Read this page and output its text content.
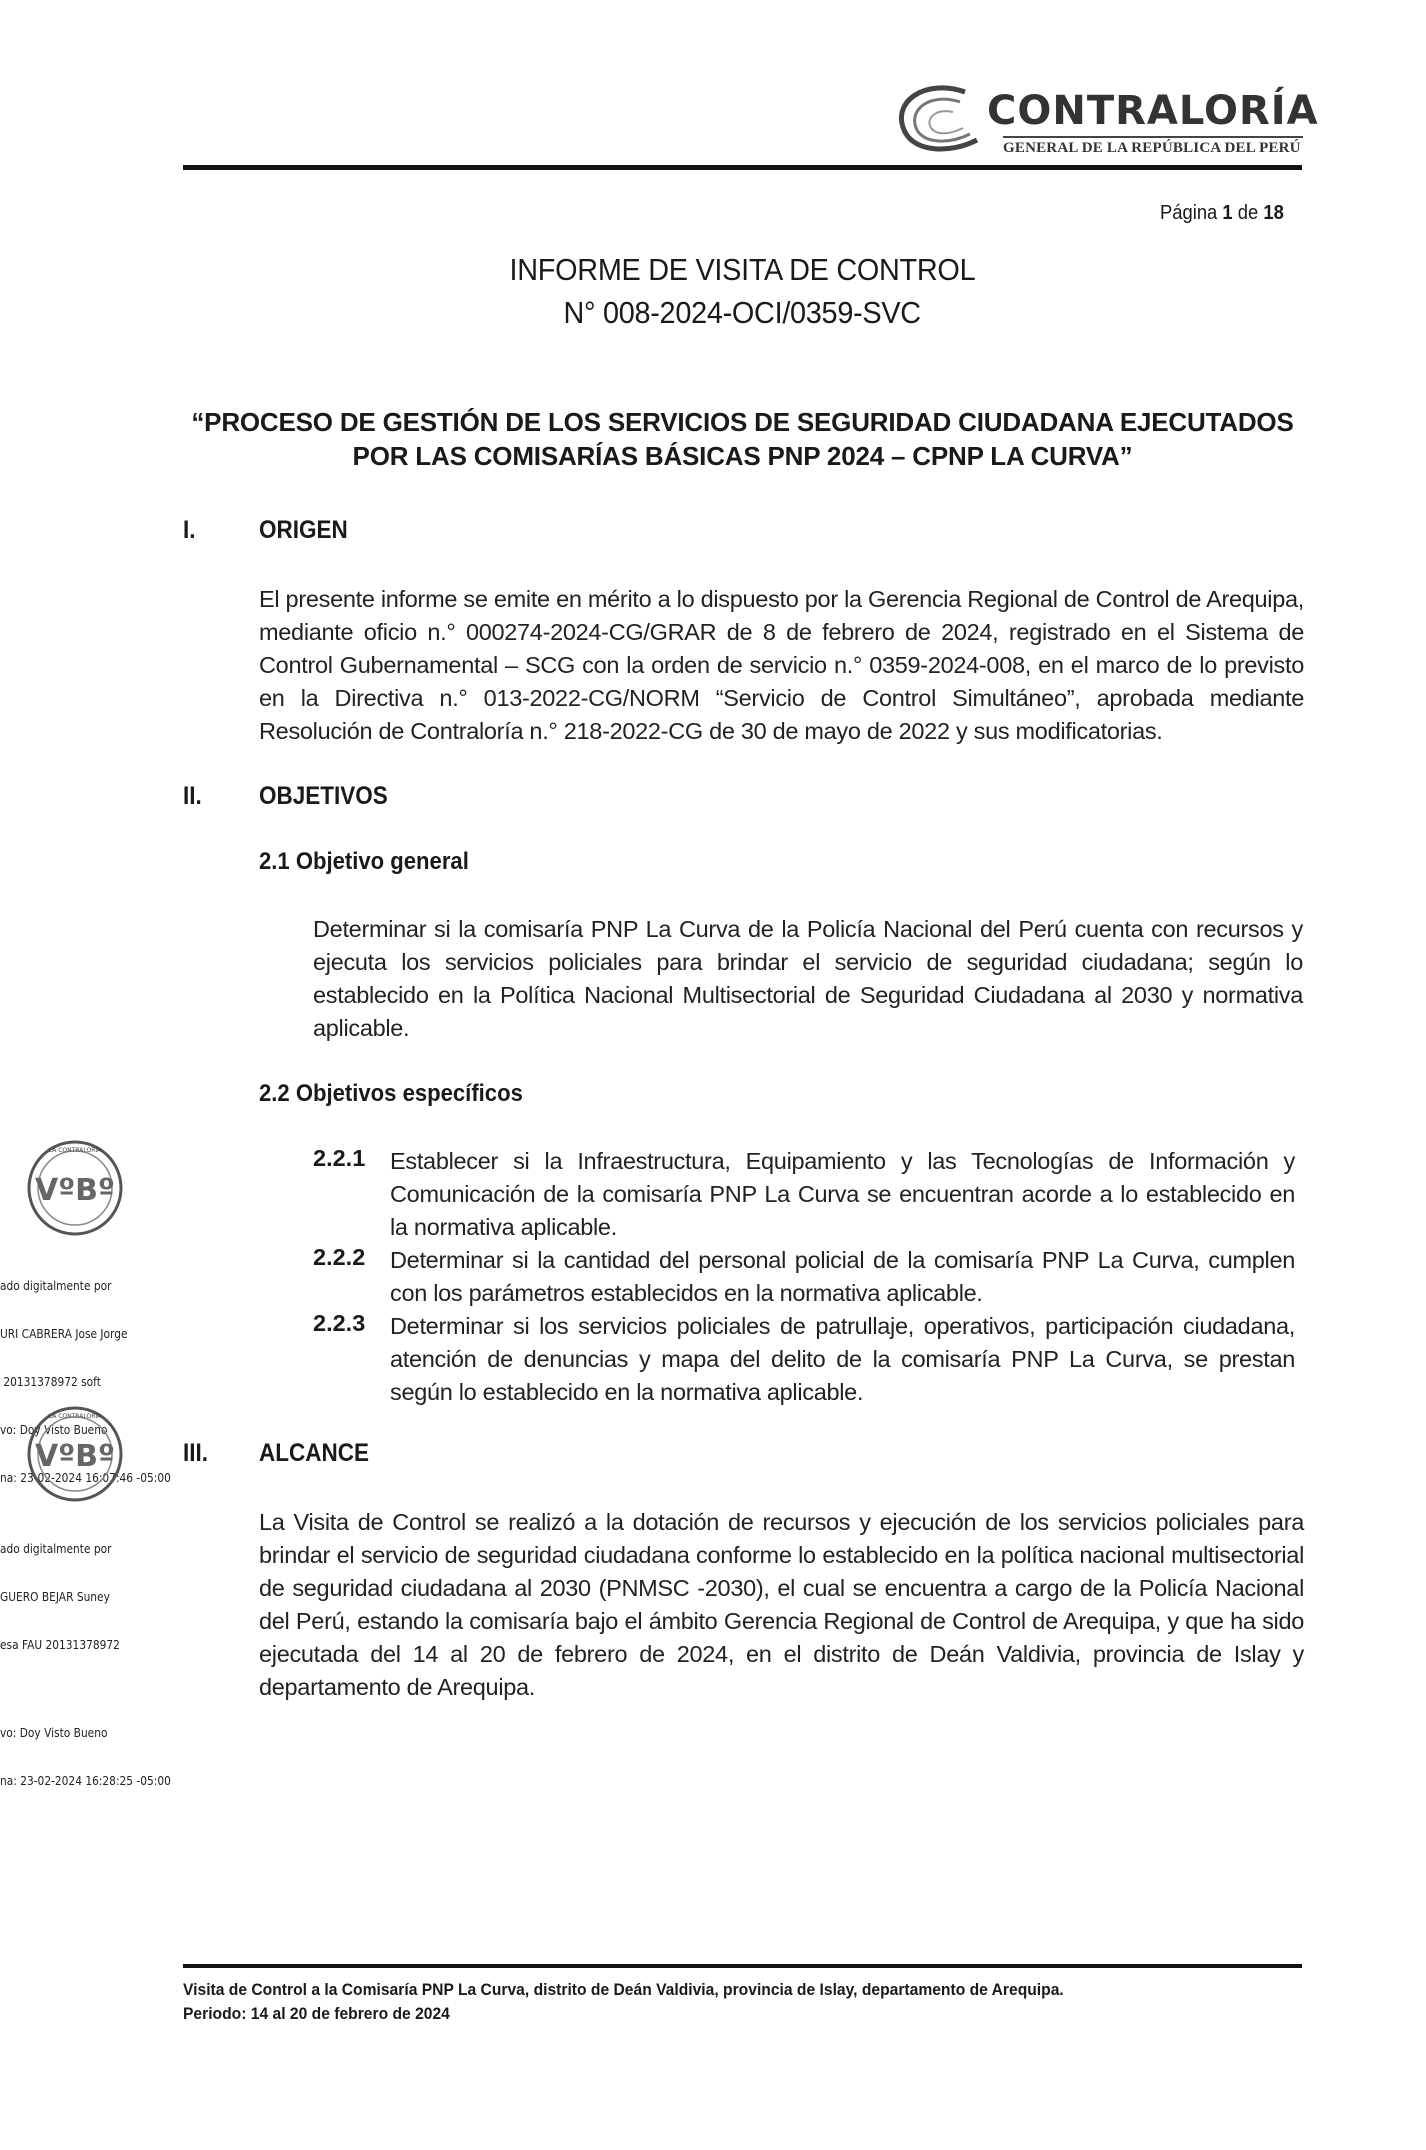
CONTRALORÍA
GENERAL DE LA REPÚBLICA DEL PERÚ
Página 1 de 18
INFORME DE VISITA DE CONTROL
N° 008-2024-OCI/0359-SVC
“PROCESO DE GESTIÓN DE LOS SERVICIOS DE SEGURIDAD CIUDADANA EJECUTADOS
POR LAS COMISARÍAS BÁSICAS PNP 2024 – CPNP LA CURVA”
I.	ORIGEN
El presente informe se emite en mérito a lo dispuesto por la Gerencia Regional de Control de Arequipa, mediante oficio n.° 000274-2024-CG/GRAR de 8 de febrero de 2024, registrado en el Sistema de Control Gubernamental – SCG con la orden de servicio n.° 0359-2024-008, en el marco de lo previsto en la Directiva n.° 013-2022-CG/NORM “Servicio de Control Simultáneo”, aprobada mediante Resolución de Contraloría n.° 218-2022-CG de 30 de mayo de 2022 y sus modificatorias.
II. OBJETIVOS
2.1 Objetivo general
Determinar si la comisaría PNP La Curva de la Policía Nacional del Perú cuenta con recursos y ejecuta los servicios policiales para brindar el servicio de seguridad ciudadana; según lo establecido en la Política Nacional Multisectorial de Seguridad Ciudadana al 2030 y normativa aplicable.
2.2 Objetivos específicos
2.2.1 Establecer si la Infraestructura, Equipamiento y las Tecnologías de Información y Comunicación de la comisaría PNP La Curva se encuentran acorde a lo establecido en la normativa aplicable.
2.2.2 Determinar si la cantidad del personal policial de la comisaría PNP La Curva, cumplen con los parámetros establecidos en la normativa aplicable.
2.2.3 Determinar si los servicios policiales de patrullaje, operativos, participación ciudadana, atención de denuncias y mapa del delito de la comisaría PNP La Curva, se prestan según lo establecido en la normativa aplicable.
III. ALCANCE
La Visita de Control se realizó a la dotación de recursos y ejecución de los servicios policiales para brindar el servicio de seguridad ciudadana conforme lo establecido en la política nacional multisectorial de seguridad ciudadana al 2030 (PNMSC -2030), el cual se encuentra a cargo de la Policía Nacional del Perú, estando la comisaría bajo el ámbito Gerencia Regional de Control de Arequipa, y que ha sido ejecutada del 14 al 20 de febrero de 2024, en el distrito de Deán Valdivia, provincia de Islay y departamento de Arequipa.
VºBº
LA CONTRALORÍA

ado digitalmente por

URI CABRERA Jose Jorge

20131378972 soft

vo: Doy Visto Bueno

na: 23-02-2024 16:07:46 -05:00

VºBº
LA CONTRALORÍA

ado digitalmente por

GUERO BEJAR Suney

esa FAU 20131378972

vo: Doy Visto Bueno

na: 23-02-2024 16:28:25 -05:00

Visita de Control a la Comisaría PNP La Curva, distrito de Deán Valdivia, provincia de Islay, departamento de Arequipa.
Periodo: 14 al 20 de febrero de 2024
